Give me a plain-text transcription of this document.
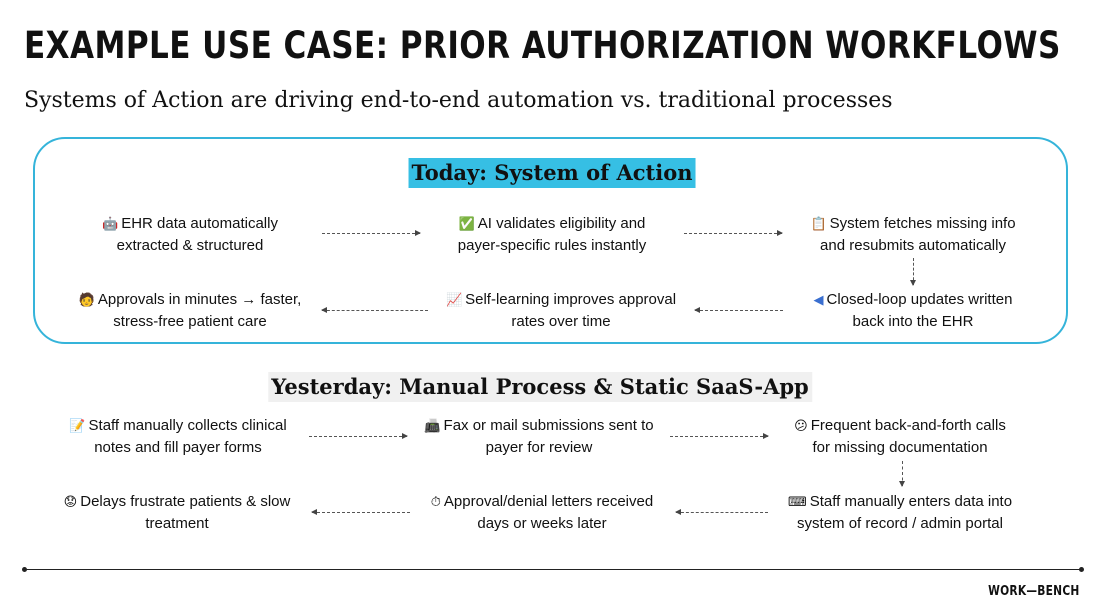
EXAMPLE USE CASE: PRIOR AUTHORIZATION WORKFLOWS
Systems of Action are driving end-to-end automation vs. traditional processes
Today: System of Action
🤖 EHR data automatically
extracted & structured
✅ AI validates eligibility and
payer-specific rules instantly
📋 System fetches missing info
and resubmits automatically
◀ Closed-loop updates written
back into the EHR
📈 Self-learning improves approval
rates over time
🧑 Approvals in minutes → faster,
stress-free patient care
Yesterday: Manual Process & Static SaaS-App
📝 Staff manually collects clinical
notes and fill payer forms
📠 Fax or mail submissions sent to
payer for review
😕 Frequent back-and-forth calls
for missing documentation
⌨ Staff manually enters data into
system of record / admin portal
⏱ Approval/denial letters received
days or weeks later
😟 Delays frustrate patients & slow
treatment
WORK—BENCH
